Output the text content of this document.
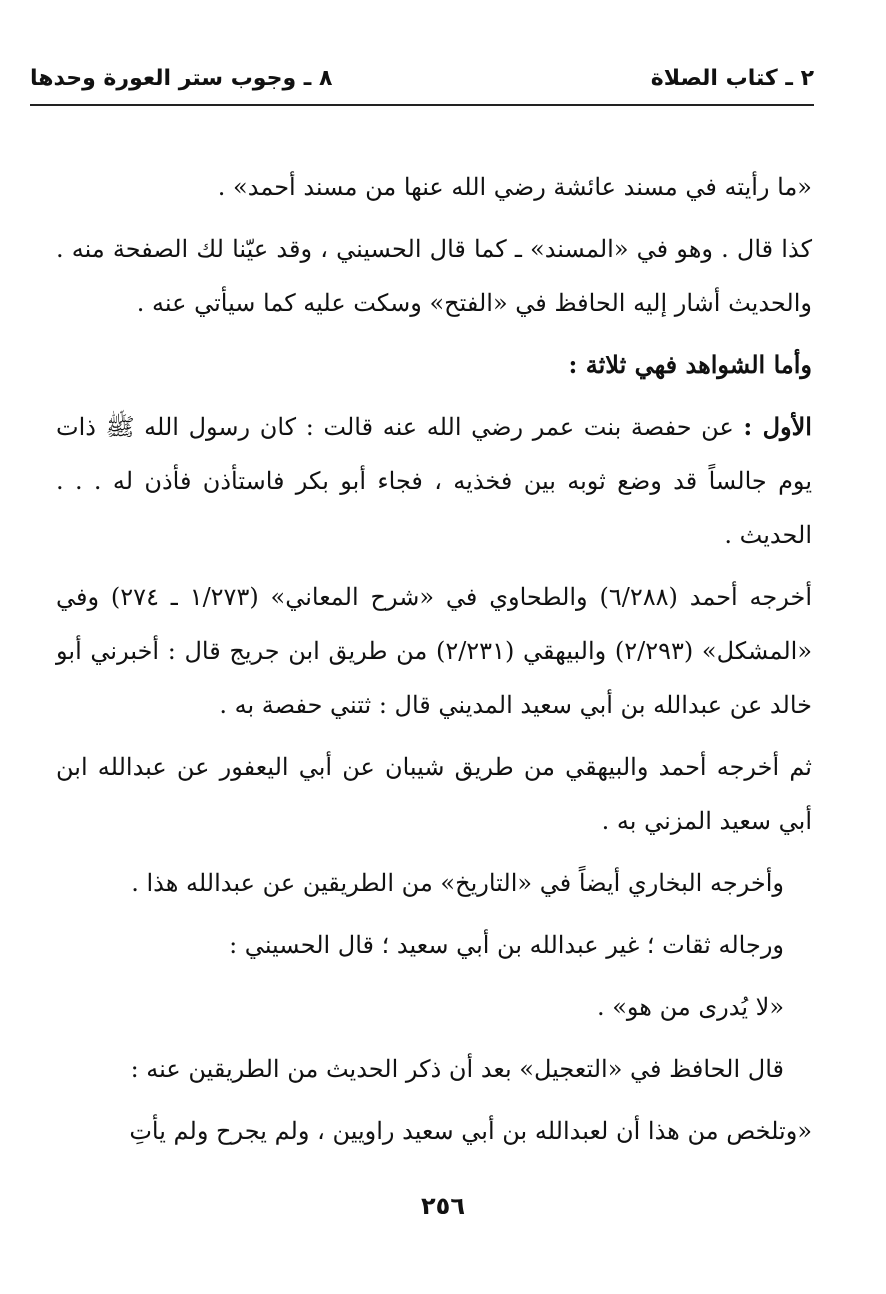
٢ ـ كتاب الصلاة
٨ ـ وجوب ستر العورة وحدها

«ما رأيته في مسند عائشة رضي الله عنها من مسند أحمد» .

كذا قال . وهو في «المسند» ـ كما قال الحسيني ، وقد عيّنا لك الصفحة منه . والحديث أشار إليه الحافظ في «الفتح» وسكت عليه كما سيأتي عنه .

وأما الشواهد فهي ثلاثة :

الأول : عن حفصة بنت عمر رضي الله عنه قالت : كان رسول الله ﷺ ذات يوم جالساً قد وضع ثوبه بين فخذيه ، فجاء أبو بكر فاستأذن فأذن له . . . الحديث .

أخرجه أحمد (٦/٢٨٨) والطحاوي في «شرح المعاني» (١/٢٧٣ ـ ٢٧٤) وفي «المشكل» (٢/٢٩٣) والبيهقي (٢/٢٣١) من طريق ابن جريج قال : أخبرني أبو خالد عن عبدالله بن أبي سعيد المديني قال : ثتني حفصة به .

ثم أخرجه أحمد والبيهقي من طريق شيبان عن أبي اليعفور عن عبدالله ابن أبي سعيد المزني به .

وأخرجه البخاري أيضاً في «التاريخ» من الطريقين عن عبدالله هذا .

ورجاله ثقات ؛ غير عبدالله بن أبي سعيد ؛ قال الحسيني :

«لا يُدرى من هو» .

قال الحافظ في «التعجيل» بعد أن ذكر الحديث من الطريقين عنه :

«وتلخص من هذا أن لعبدالله بن أبي سعيد راويين ، ولم يجرح ولم يأتِ

٢٥٦
